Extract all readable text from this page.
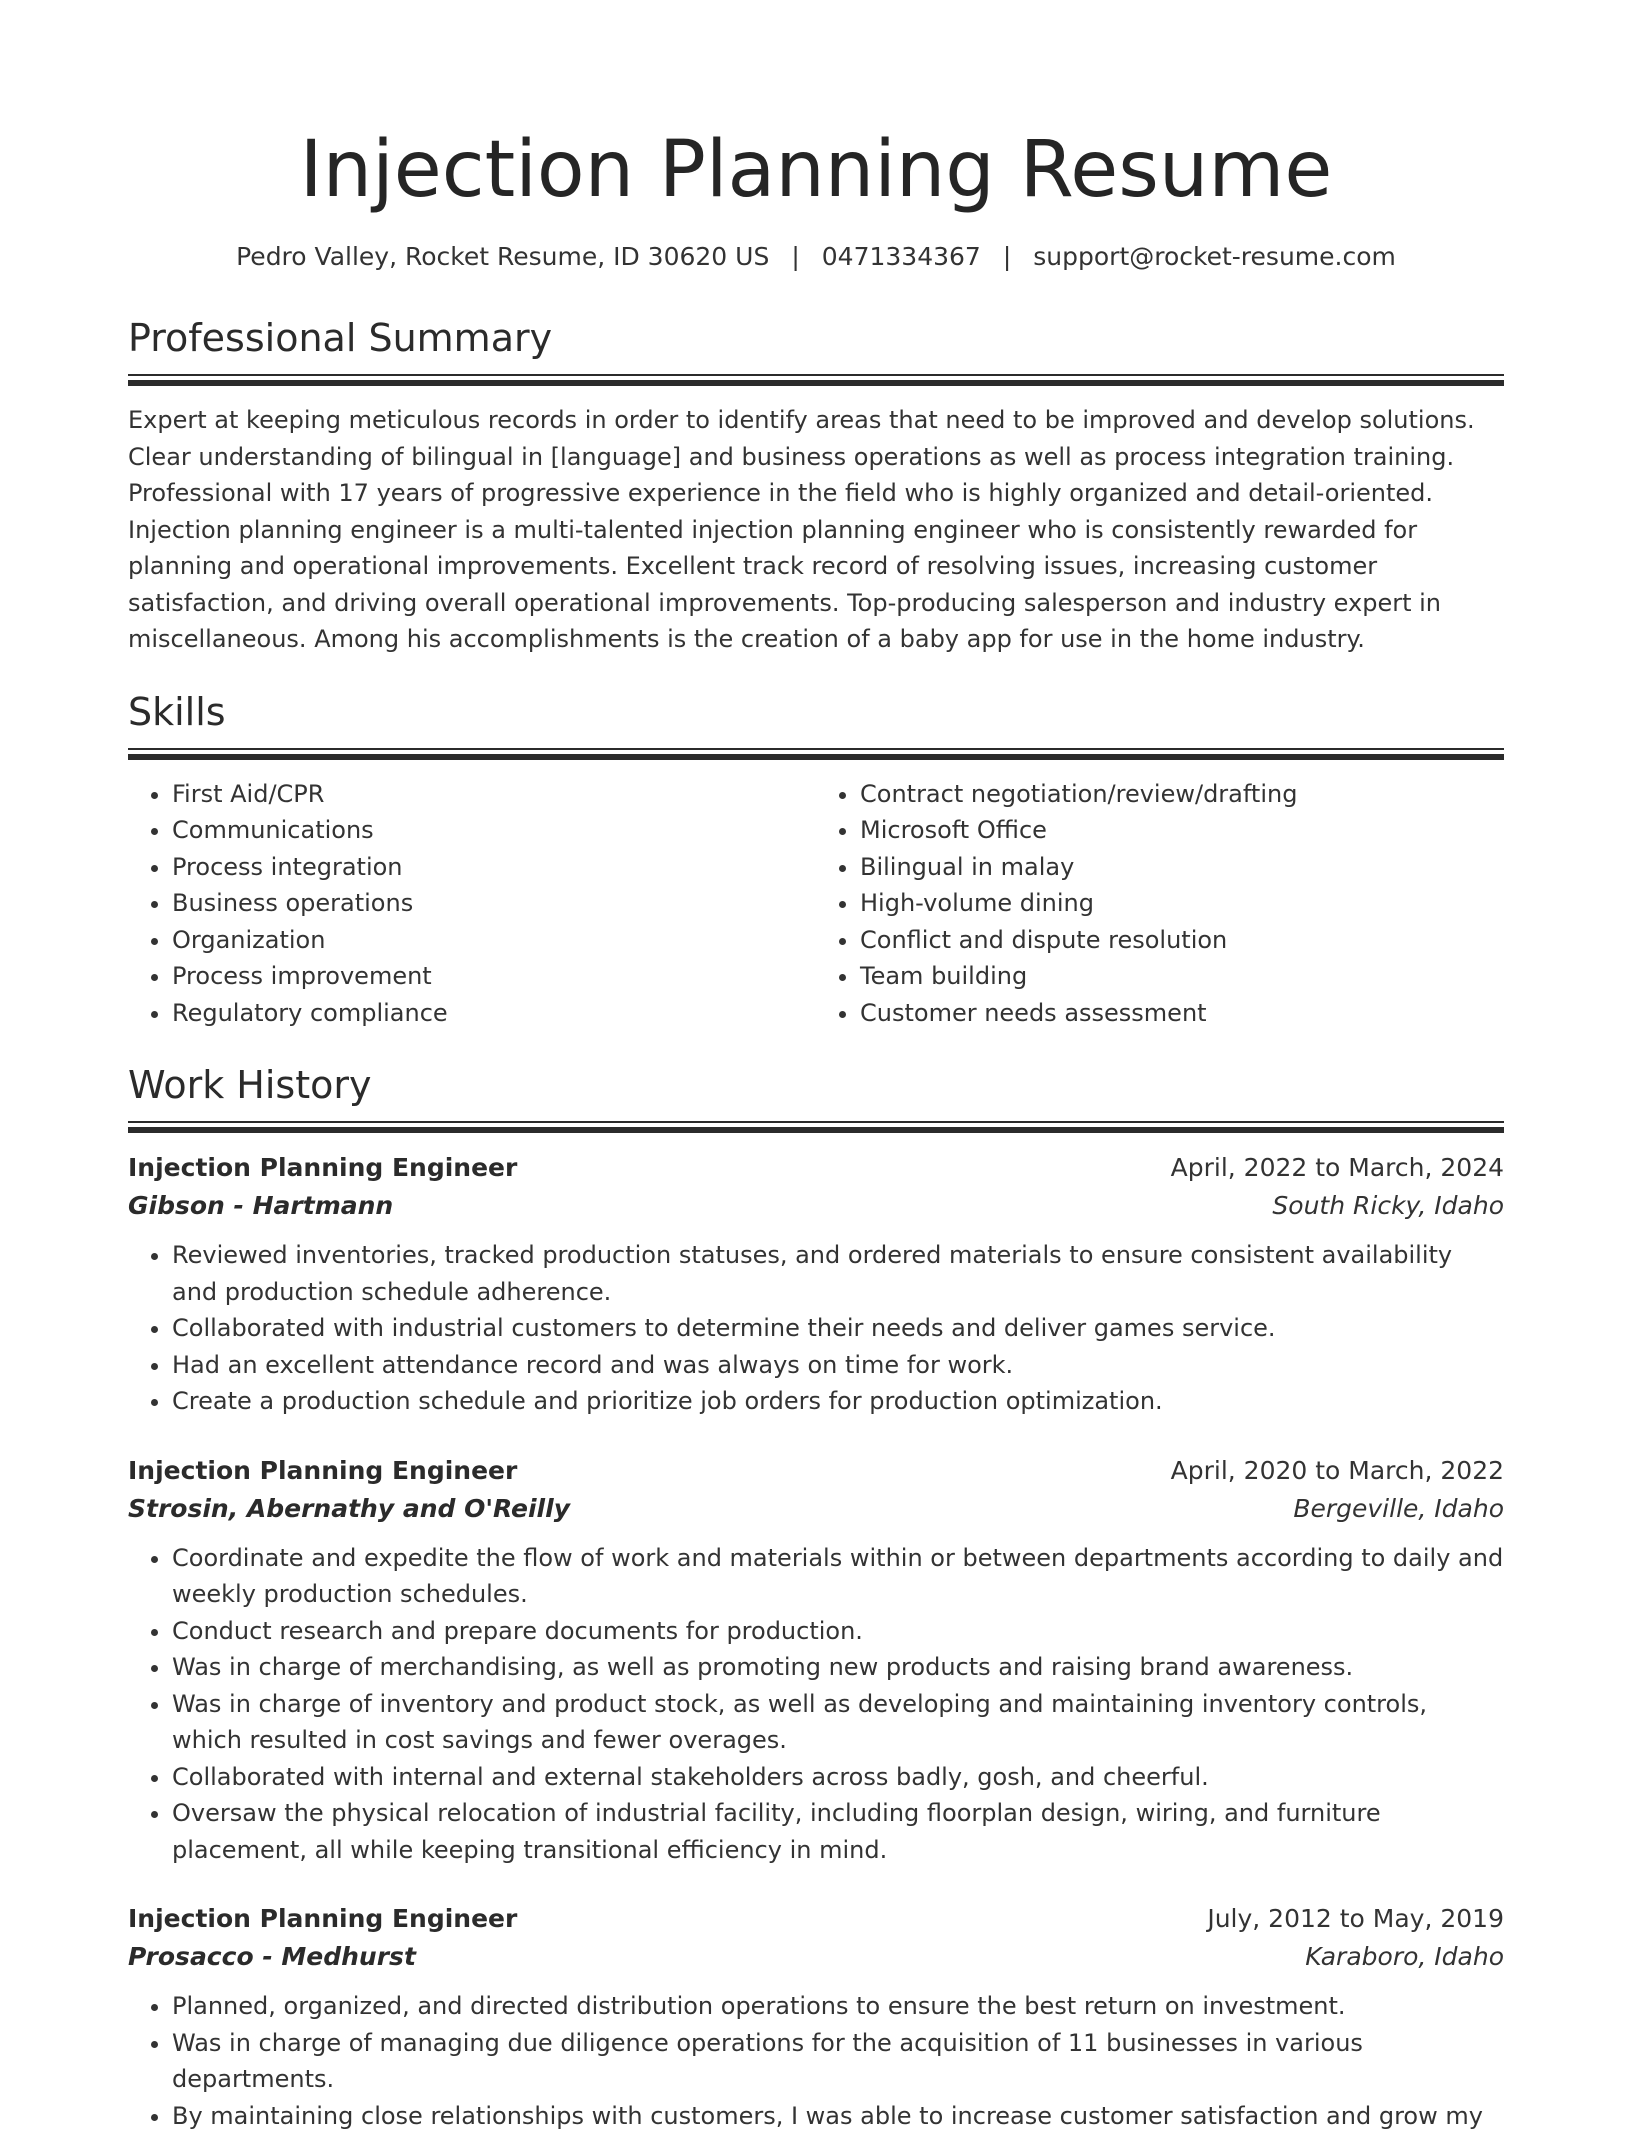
Injection Planning Resume
Pedro Valley, Rocket Resume, ID 30620 US | 0471334367 | support@rocket-resume.com
Professional Summary

Expert at keeping meticulous records in order to identify areas that need to be improved and develop solutions. Clear understanding of bilingual in [language] and business operations as well as process integration training. Professional with 17 years of progressive experience in the field who is highly organized and detail-oriented. Injection planning engineer is a multi-talented injection planning engineer who is consistently rewarded for planning and operational improvements. Excellent track record of resolving issues, increasing customer satisfaction, and driving overall operational improvements. Top-producing salesperson and industry expert in miscellaneous. Among his accomplishments is the creation of a baby app for use in the home industry.

Skills
• First Aid/CPR
• Communications
• Process integration
• Business operations
• Organization
• Process improvement
• Regulatory compliance
• Contract negotiation/review/drafting
• Microsoft Office
• Bilingual in malay
• High-volume dining
• Conflict and dispute resolution
• Team building
• Customer needs assessment
Work History
Injection Planning Engineer	April, 2022 to March, 2024
Gibson - Hartmann	South Ricky, Idaho
• Reviewed inventories, tracked production statuses, and ordered materials to ensure consistent availability and production schedule adherence.
• Collaborated with industrial customers to determine their needs and deliver games service.
• Had an excellent attendance record and was always on time for work.
• Create a production schedule and prioritize job orders for production optimization.
Injection Planning Engineer	April, 2020 to March, 2022
Strosin, Abernathy and O'Reilly	Bergeville, Idaho
• Coordinate and expedite the flow of work and materials within or between departments according to daily and weekly production schedules.
• Conduct research and prepare documents for production.
• Was in charge of merchandising, as well as promoting new products and raising brand awareness.
• Was in charge of inventory and product stock, as well as developing and maintaining inventory controls, which resulted in cost savings and fewer overages.
• Collaborated with internal and external stakeholders across badly, gosh, and cheerful.
• Oversaw the physical relocation of industrial facility, including floorplan design, wiring, and furniture placement, all while keeping transitional efficiency in mind.
Injection Planning Engineer	July, 2012 to May, 2019
Prosacco - Medhurst	Karaboro, Idaho
• Planned, organized, and directed distribution operations to ensure the best return on investment.
• Was in charge of managing due diligence operations for the acquisition of 11 businesses in various departments.
• By maintaining close relationships with customers, I was able to increase customer satisfaction and grow my
